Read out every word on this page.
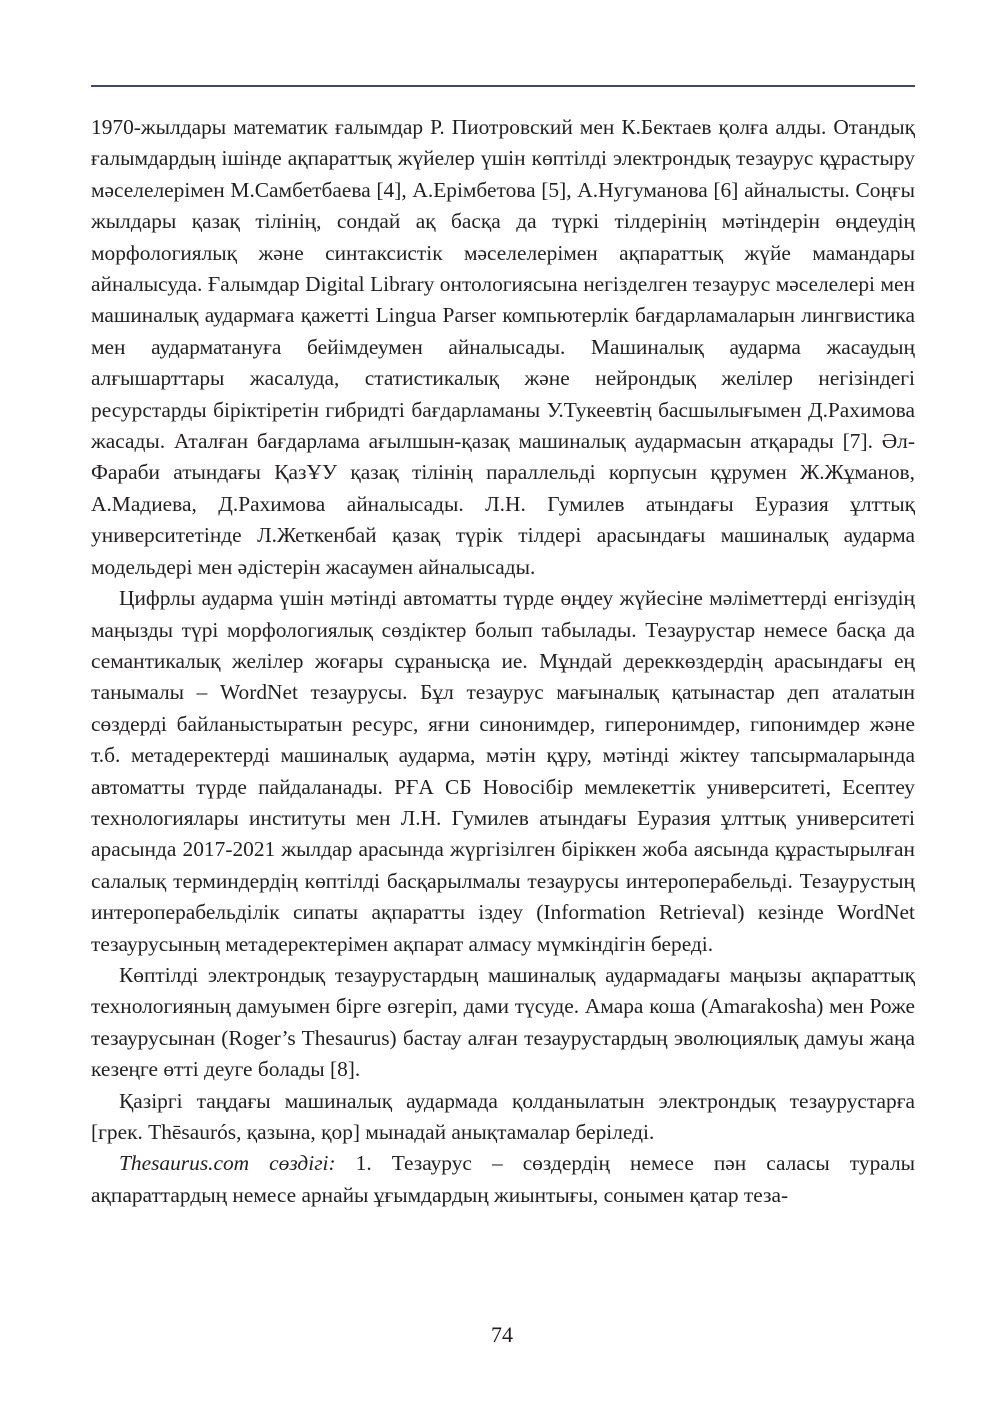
1970-жылдары математик ғалымдар Р. Пиотровский мен К.Бектаев қолға алды. Отандық ғалымдардың ішінде ақпараттық жүйелер үшін көптілді электрондық тезаурус құрастыру мәселелерімен М.Самбетбаева [4], А.Ерімбетова [5], А.Нугуманова [6] айналысты. Соңғы жылдары қазақ тілінің, сондай ақ басқа да түркі тілдерінің мәтіндерін өңдеудің морфологиялық және синтаксистік мәселелерімен ақпараттық жүйе мамандары айналысуда. Ғалымдар Digital Library онтологиясына негізделген тезаурус мәселелері мен машиналық аудармаға қажетті Lingua Parser компьютерлік бағдарламаларын лингвистика мен аударматануға бейімдеумен айналысады. Машиналық аударма жасаудың алғышарттары жасалуда, статистикалық және нейрондық желілер негізіндегі ресурстарды біріктіретін гибридті бағдарламаны У.Тукеевтің басшылығымен Д.Рахимова жасады. Аталған бағдарлама ағылшын-қазақ машиналық аудармасын атқарады [7]. Әл-Фараби атындағы ҚазҰУ қазақ тілінің параллельді корпусын құрумен Ж.Жұманов, А.Мадиева, Д.Рахимова айналысады. Л.Н. Гумилев атындағы Еуразия ұлттық университетінде Л.Жеткенбай қазақ түрік тілдері арасындағы машиналық аударма модельдері мен әдістерін жасаумен айналысады.

Цифрлы аударма үшін мәтінді автоматты түрде өңдеу жүйесіне мәліметтерді енгізудің маңызды түрі морфологиялық сөздіктер болып табылады. Тезаурустар немесе басқа да семантикалық желілер жоғары сұранысқа ие. Мұндай дереккөздердің арасындағы ең танымалы – WordNet тезаурусы. Бұл тезаурус мағыналық қатынастар деп аталатын сөздерді байланыстыратын ресурс, яғни синонимдер, гиперонимдер, гипонимдер және т.б. метадеректерді машиналық аударма, мәтін құру, мәтінді жіктеу тапсырмаларында автоматты түрде пайдаланады. РҒА СБ Новосібір мемлекеттік университеті, Есептеу технологиялары институты мен Л.Н. Гумилев атындағы Еуразия ұлттық университеті арасында 2017-2021 жылдар арасында жүргізілген біріккен жоба аясында құрастырылған салалық терминдердің көптілді басқарылмалы тезаурусы интероперабельді. Тезаурустың интероперабельділік сипаты ақпаратты іздеу (Information Retrieval) кезінде WordNet тезаурусының метадеректерімен ақпарат алмасу мүмкіндігін береді.

Көптілді электрондық тезаурустардың машиналық аудармадағы маңызы ақпараттық технологияның дамуымен бірге өзгеріп, дами түсуде. Амара коша (Amarakosha) мен Роже тезаурусынан (Roger’s Thesaurus) бастау алған тезаурустардың эволюциялық дамуы жаңа кезеңге өтті деуге болады [8].

Қазіргі таңдағы машиналық аудармада қолданылатын электрондық тезаурустарға [грек. Thēsaurós, қазына, қор] мынадай анықтамалар беріледі.

Thesaurus.com сөздігі: 1. Тезаурус – сөздердің немесе пән саласы туралы ақпараттардың немесе арнайы ұғымдардың жиынтығы, сонымен қатар теза-

74
